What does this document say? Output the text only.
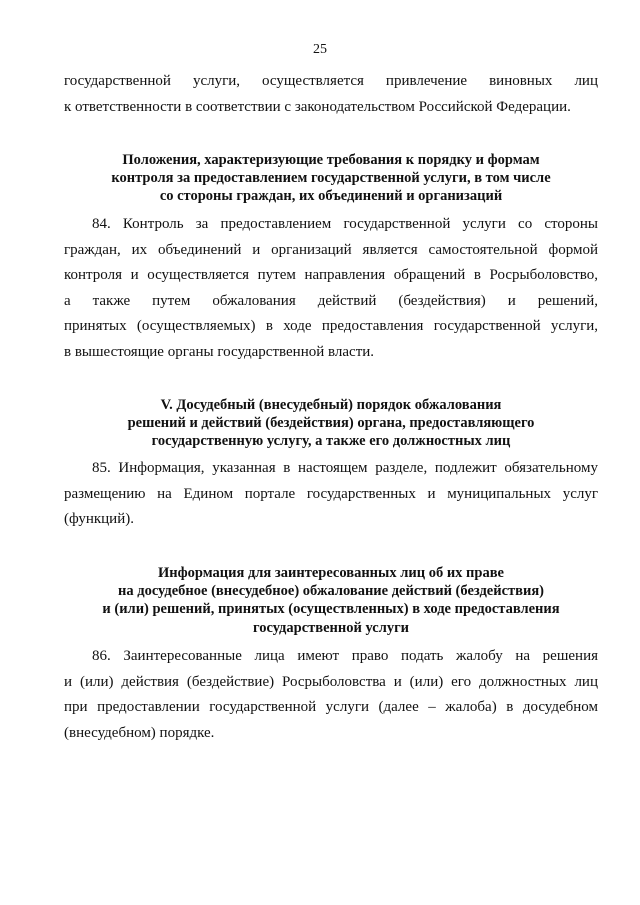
25
государственной услуги, осуществляется привлечение виновных лиц
к ответственности в соответствии с законодательством Российской Федерации.
Положения, характеризующие требования к порядку и формам
контроля за предоставлением государственной услуги, в том числе
со стороны граждан, их объединений и организаций
84. Контроль за предоставлением государственной услуги со стороны
граждан, их объединений и организаций является самостоятельной формой
контроля и осуществляется путем направления обращений в Росрыболовство,
а также путем обжалования действий (бездействия) и решений,
принятых (осуществляемых) в ходе предоставления государственной услуги,
в вышестоящие органы государственной власти.
V. Досудебный (внесудебный) порядок обжалования
решений и действий (бездействия) органа, предоставляющего
государственную услугу, а также его должностных лиц
85. Информация, указанная в настоящем разделе, подлежит обязательному
размещению на Едином портале государственных и муниципальных услуг
(функций).
Информация для заинтересованных лиц об их праве
на досудебное (внесудебное) обжалование действий (бездействия)
и (или) решений, принятых (осуществленных) в ходе предоставления
государственной услуги
86. Заинтересованные лица имеют право подать жалобу на решения
и (или) действия (бездействие) Росрыболовства и (или) его должностных лиц
при предоставлении государственной услуги (далее – жалоба) в досудебном
(внесудебном) порядке.
